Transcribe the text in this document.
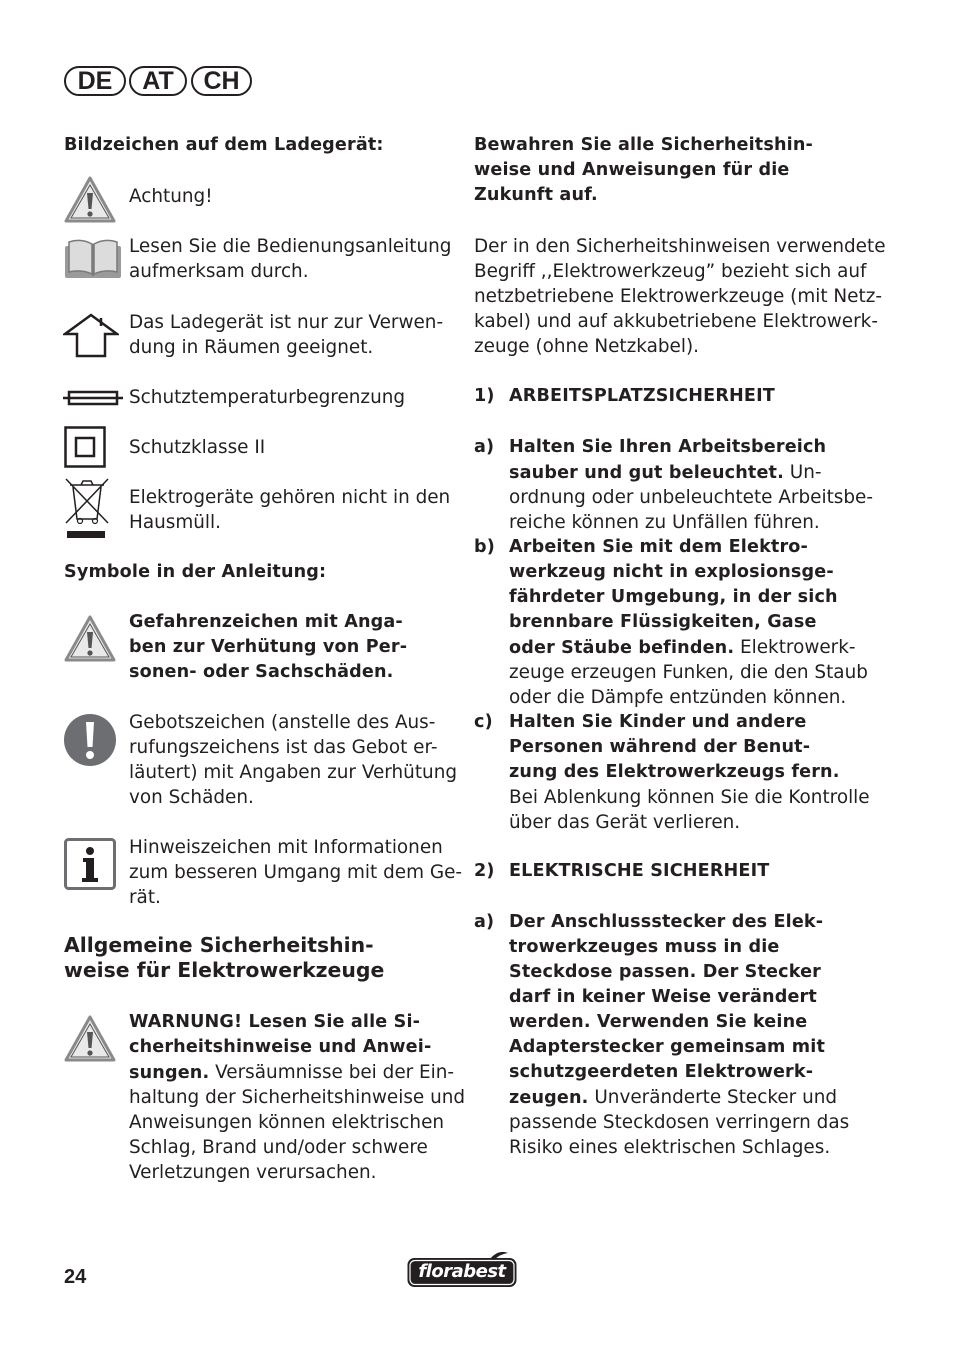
DE	AT	CH
Bildzeichen auf dem Ladegerät:
Achtung!
Lesen Sie die Bedienungsanleitung
aufmerksam durch.
Das Ladegerät ist nur zur Verwen-
dung in Räumen geeignet.
Schutztemperaturbegrenzung
Schutzklasse II
Elektrogeräte gehören nicht in den
Hausmüll.
Symbole in der Anleitung:
Gefahrenzeichen mit Anga-
ben zur Verhütung von Per-
sonen- oder Sachschäden.
Gebotszeichen (anstelle des Aus-
rufungszeichens ist das Gebot er-
läutert) mit Angaben zur Verhütung
von Schäden.
Hinweiszeichen mit Informationen
zum besseren Umgang mit dem Ge-
rät.
Allgemeine Sicherheitshin-
weise für Elektrowerkzeuge
WARNUNG! Lesen Sie alle Si-
cherheitshinweise und Anwei-
sungen. Versäumnisse bei der Ein-
haltung der Sicherheitshinweise und
Anweisungen können elektrischen
Schlag, Brand und/oder schwere
Verletzungen verursachen.
Bewahren Sie alle Sicherheitshin-
weise und Anweisungen für die
Zukunft auf.
Der in den Sicherheitshinweisen verwendete
Begriff ,,Elektrowerkzeug” bezieht sich auf
netzbetriebene Elektrowerkzeuge (mit Netz-
kabel) und auf akkubetriebene Elektrowerk-
zeuge (ohne Netzkabel).
1) ARBEITSPLATZSICHERHEIT
a) Halten Sie Ihren Arbeitsbereich
sauber und gut beleuchtet. Un-
ordnung oder unbeleuchtete Arbeitsbe-
reiche können zu Unfällen führen.
b) Arbeiten Sie mit dem Elektro-
werkzeug nicht in explosionsge-
fährdeter Umgebung, in der sich
brennbare Flüssigkeiten, Gase
oder Stäube befinden. Elektrowerk-
zeuge erzeugen Funken, die den Staub
oder die Dämpfe entzünden können.
c) Halten Sie Kinder und andere
Personen während der Benut-
zung des Elektrowerkzeugs fern.
Bei Ablenkung können Sie die Kontrolle
über das Gerät verlieren.
2) ELEKTRISCHE SICHERHEIT
a) Der Anschlussstecker des Elek-
trowerkzeuges muss in die
Steckdose passen. Der Stecker
darf in keiner Weise verändert
werden. Verwenden Sie keine
Adapterstecker gemeinsam mit
schutzgeerdeten Elektrowerk-
zeugen. Unveränderte Stecker und
passende Steckdosen verringern das
Risiko eines elektrischen Schlages.
24	florabest
